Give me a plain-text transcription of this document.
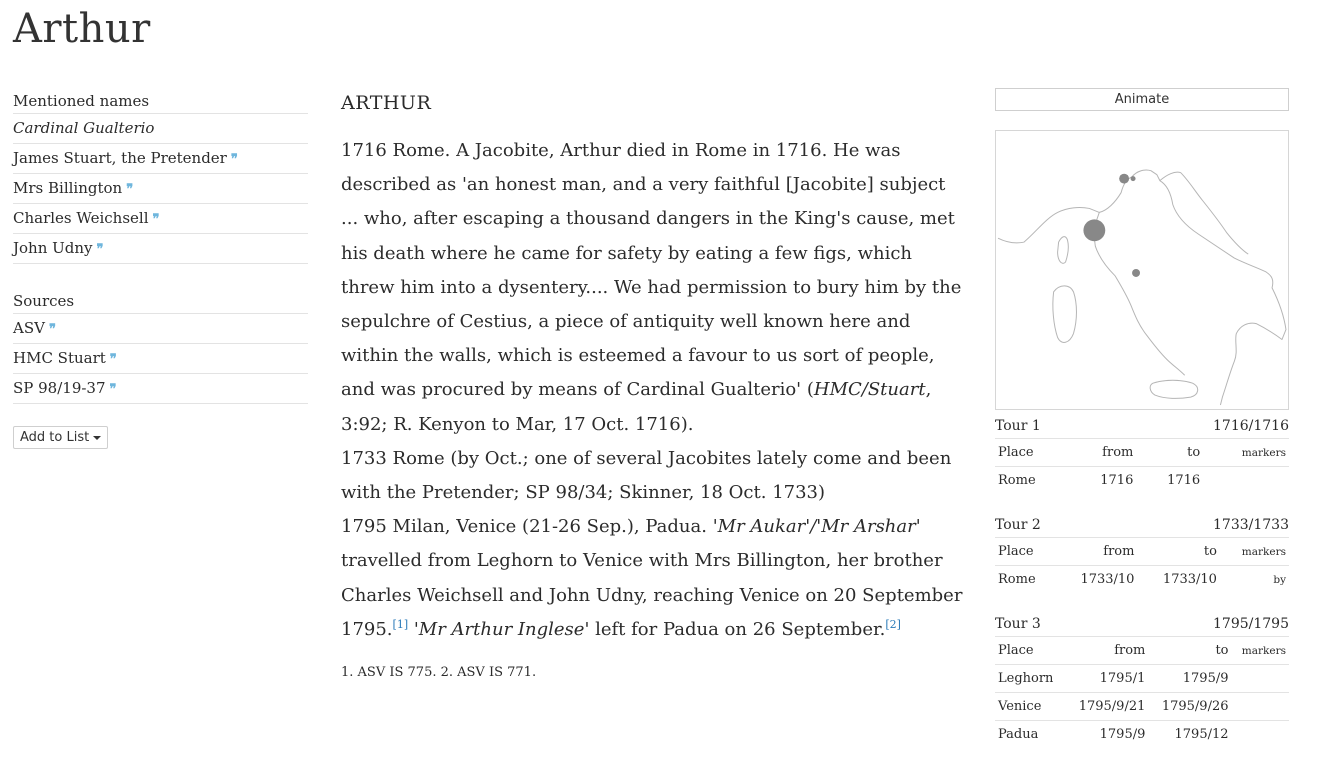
Arthur
Mentioned names
Cardinal Gualterio
James Stuart, the Pretender ❞
Mrs Billington ❞
Charles Weichsell ❞
John Udny ❞
Sources
ASV ❞
HMC Stuart ❞
SP 98/19-37 ❞
Add to List
ARTHUR

1716 Rome. A Jacobite, Arthur died in Rome in 1716. He was described as 'an honest man, and a very faithful [Jacobite] subject ... who, after escaping a thousand dangers in the King's cause, met his death where he came for safety by eating a few figs, which threw him into a dysentery.... We had permission to bury him by the sepulchre of Cestius, a piece of antiquity well known here and within the walls, which is esteemed a favour to us sort of people, and was procured by means of Cardinal Gualterio' (HMC/Stuart, 3:92; R. Kenyon to Mar, 17 Oct. 1716).

1733 Rome (by Oct.; one of several Jacobites lately come and been with the Pretender; SP 98/34; Skinner, 18 Oct. 1733)

1795 Milan, Venice (21-26 Sep.), Padua. 'Mr Aukar'/'Mr Arshar' travelled from Leghorn to Venice with Mrs Billington, her brother Charles Weichsell and John Udny, reaching Venice on 20 September 1795.[1] 'Mr Arthur Inglese' left for Padua on 26 September.[2]

1. ASV IS 775. 2. ASV IS 771.
Animate
Tour 1	1716/1716
Place	from	to	markers
Rome	1716	1716	
Tour 2	1733/1733
Place	from	to	markers
Rome	1733/10	1733/10	by
Tour 3	1795/1795
Place	from	to	markers
Leghorn	1795/1	1795/9	
Venice	1795/9/21	1795/9/26	
Padua	1795/9	1795/12	
